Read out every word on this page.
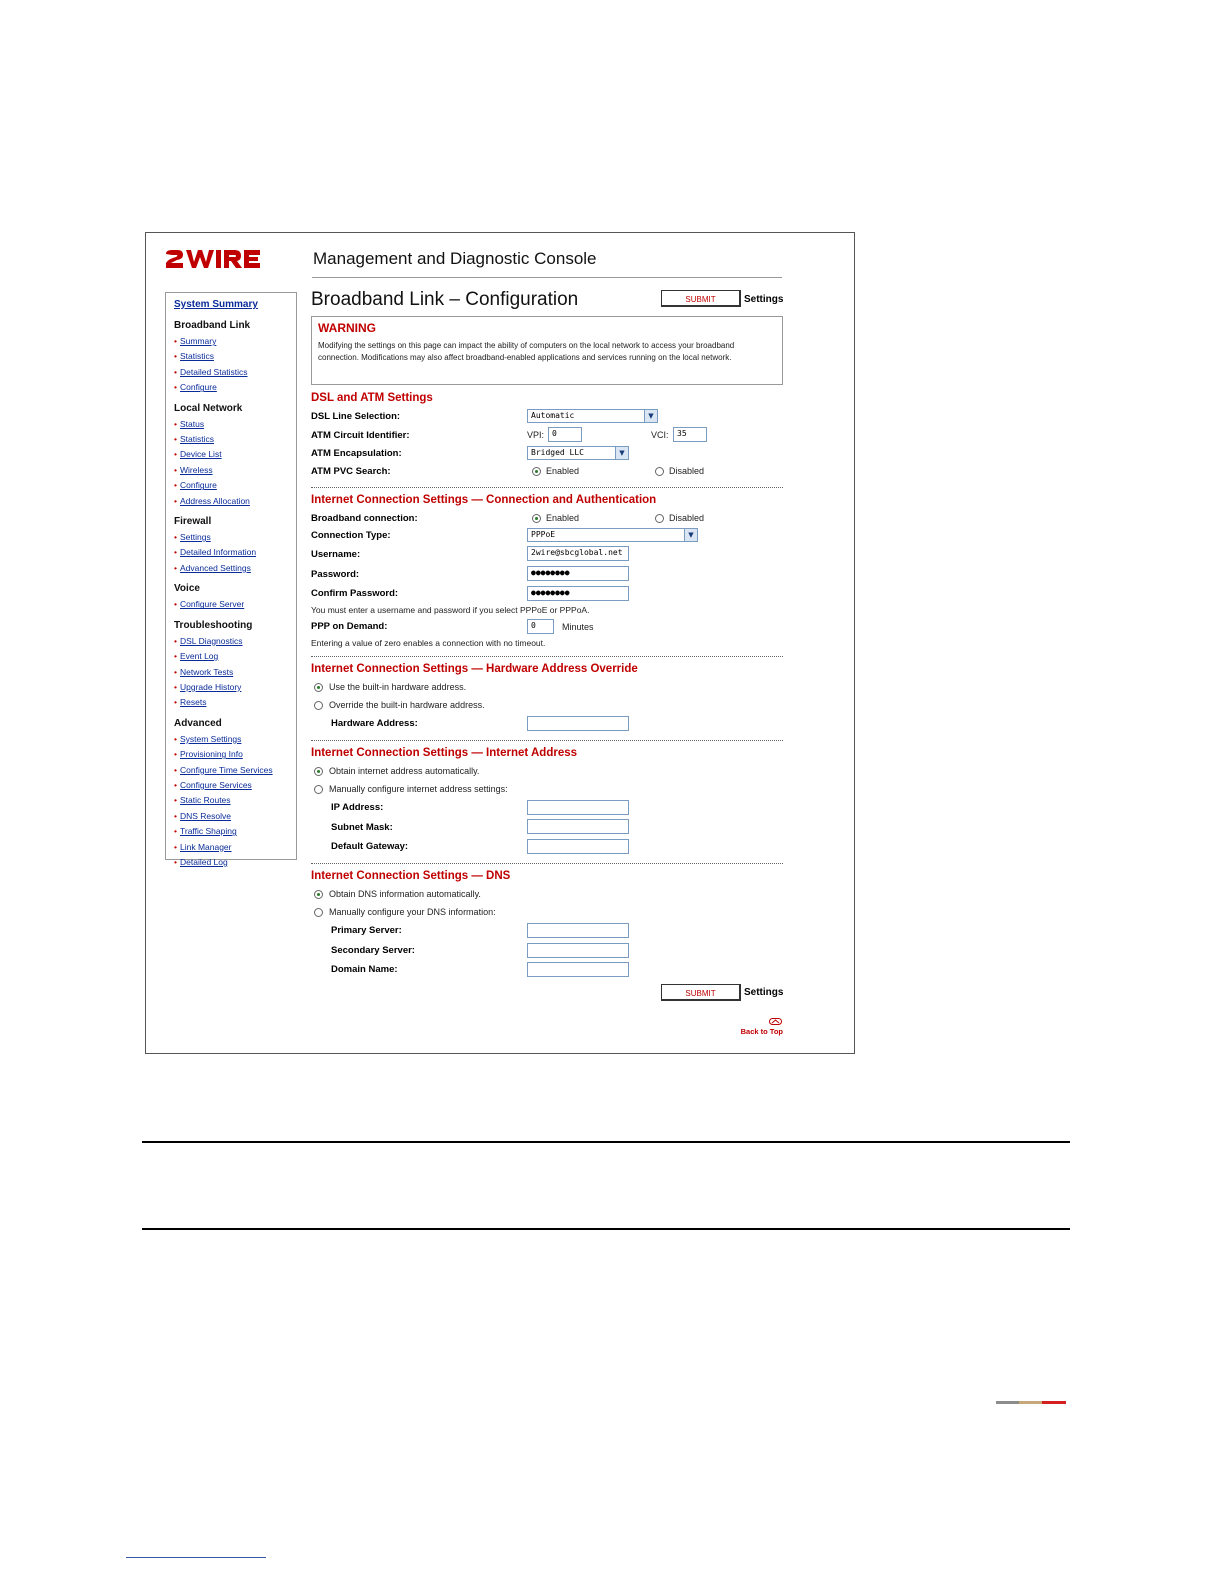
Management and Diagnostic Console
System Summary
Broadband Link
• Summary
• Statistics
• Detailed Statistics
• Configure
Local Network
• Status
• Statistics
• Device List
• Wireless
• Configure
• Address Allocation
Firewall
• Settings
• Detailed Information
• Advanced Settings
Voice
• Configure Server
Troubleshooting
• DSL Diagnostics
• Event Log
• Network Tests
• Upgrade History
• Resets
Advanced
• System Settings
• Provisioning Info
• Configure Time Services
• Configure Services
• Static Routes
• DNS Resolve
• Traffic Shaping
• Link Manager
• Detailed Log
Broadband Link – Configuration	SUBMIT	Settings
WARNING
Modifying the settings on this page can impact the ability of computers on the local network to access your broadband connection. Modifications may also affect broadband-enabled applications and services running on the local network.
DSL and ATM Settings
DSL Line Selection:	Automatic	▼
ATM Circuit Identifier:	VPI: 0	VCI:	35
ATM Encapsulation:	Bridged LLC	▼
ATM PVC Search:	Enabled	Disabled
Internet Connection Settings — Connection and Authentication
Broadband connection:	Enabled	Disabled
Connection Type:	PPPoE	▼
Username:	2wire@sbcglobal.net
Password:	●●●●●●●●
Confirm Password:	●●●●●●●●
You must enter a username and password if you select PPPoE or PPPoA.
PPP on Demand:	0	Minutes
Entering a value of zero enables a connection with no timeout.
Internet Connection Settings — Hardware Address Override
Use the built-in hardware address.
Override the built-in hardware address.
Hardware Address:
Internet Connection Settings — Internet Address
Obtain internet address automatically.
Manually configure internet address settings:
IP Address:
Subnet Mask:
Default Gateway:
Internet Connection Settings — DNS
Obtain DNS information automatically.
Manually configure your DNS information:
Primary Server:
Secondary Server:
Domain Name:
SUBMIT	Settings
Back to Top
